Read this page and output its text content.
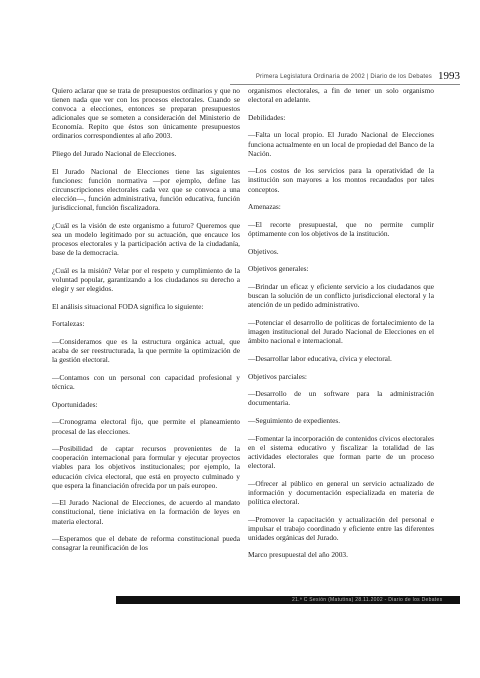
Primera Legislatura Ordinaria de 2002 | Diario de los Debates 1993

Quiero aclarar que se trata de presupuestos ordinarios y que no tienen nada que ver con los procesos electorales. Cuando se convoca a elecciones, entonces se preparan presupuestos adicionales que se someten a consideración del Ministerio de Economía. Repito que éstos son únicamente presupuestos ordinarios correspondientes al año 2003.

Pliego del Jurado Nacional de Elecciones.

El Jurado Nacional de Elecciones tiene las siguientes funciones: función normativa —por ejemplo, define las circunscripciones electorales cada vez que se convoca a una elección—, función administrativa, función educativa, función jurisdiccional, función fiscalizadora.

¿Cuál es la visión de este organismo a futuro? Queremos que sea un modelo legitimado por su actuación, que encauce los procesos electorales y la participación activa de la ciudadanía, base de la democracia.

¿Cuál es la misión? Velar por el respeto y cumplimiento de la voluntad popular, garantizando a los ciudadanos su derecho a elegir y ser elegidos.

El análisis situacional FODA significa lo siguiente:

Fortalezas:

—Consideramos que es la estructura orgánica actual, que acaba de ser reestructurada, la que permite la optimización de la gestión electoral.

—Contamos con un personal con capacidad profesional y técnica.

Oportunidades:

—Cronograma electoral fijo, que permite el planeamiento procesal de las elecciones.

—Posibilidad de captar recursos provenientes de la cooperación internacional para formular y ejecutar proyectos viables para los objetivos institucionales; por ejemplo, la educación cívica electoral, que está en proyecto culminado y que espera la financiación ofrecida por un país europeo.

—El Jurado Nacional de Elecciones, de acuerdo al mandato constitucional, tiene iniciativa en la formación de leyes en materia electoral.

—Esperamos que el debate de reforma constitucional pueda consagrar la reunificación de los

organismos electorales, a fin de tener un solo organismo electoral en adelante.

Debilidades:

—Falta un local propio. El Jurado Nacional de Elecciones funciona actualmente en un local de propiedad del Banco de la Nación.

—Los costos de los servicios para la operatividad de la institución son mayores a los montos recaudados por tales conceptos.

Amenazas:

—El recorte presupuestal, que no permite cumplir óptimamente con los objetivos de la institución.

Objetivos.

Objetivos generales:

—Brindar un eficaz y eficiente servicio a los ciudadanos que buscan la solución de un conflicto jurisdiccional electoral y la atención de un pedido administrativo.

—Potenciar el desarrollo de políticas de fortalecimiento de la imagen institucional del Jurado Nacional de Elecciones en el ámbito nacional e internacional.

—Desarrollar labor educativa, cívica y electoral.

Objetivos parciales:

—Desarrollo de un software para la administración documentaria.

—Seguimiento de expedientes.

—Fomentar la incorporación de contenidos cívicos electorales en el sistema educativo y fiscalizar la totalidad de las actividades electorales que forman parte de un proceso electoral.

—Ofrecer al público en general un servicio actualizado de información y documentación especializada en materia de política electoral.

—Promover la capacitación y actualización del personal e impulsar el trabajo coordinado y eficiente entre las diferentes unidades orgánicas del Jurado.

Marco presupuestal del año 2003.

21.ª C Sesión (Matutina) 28.11.2002 - Diario de los Debates
